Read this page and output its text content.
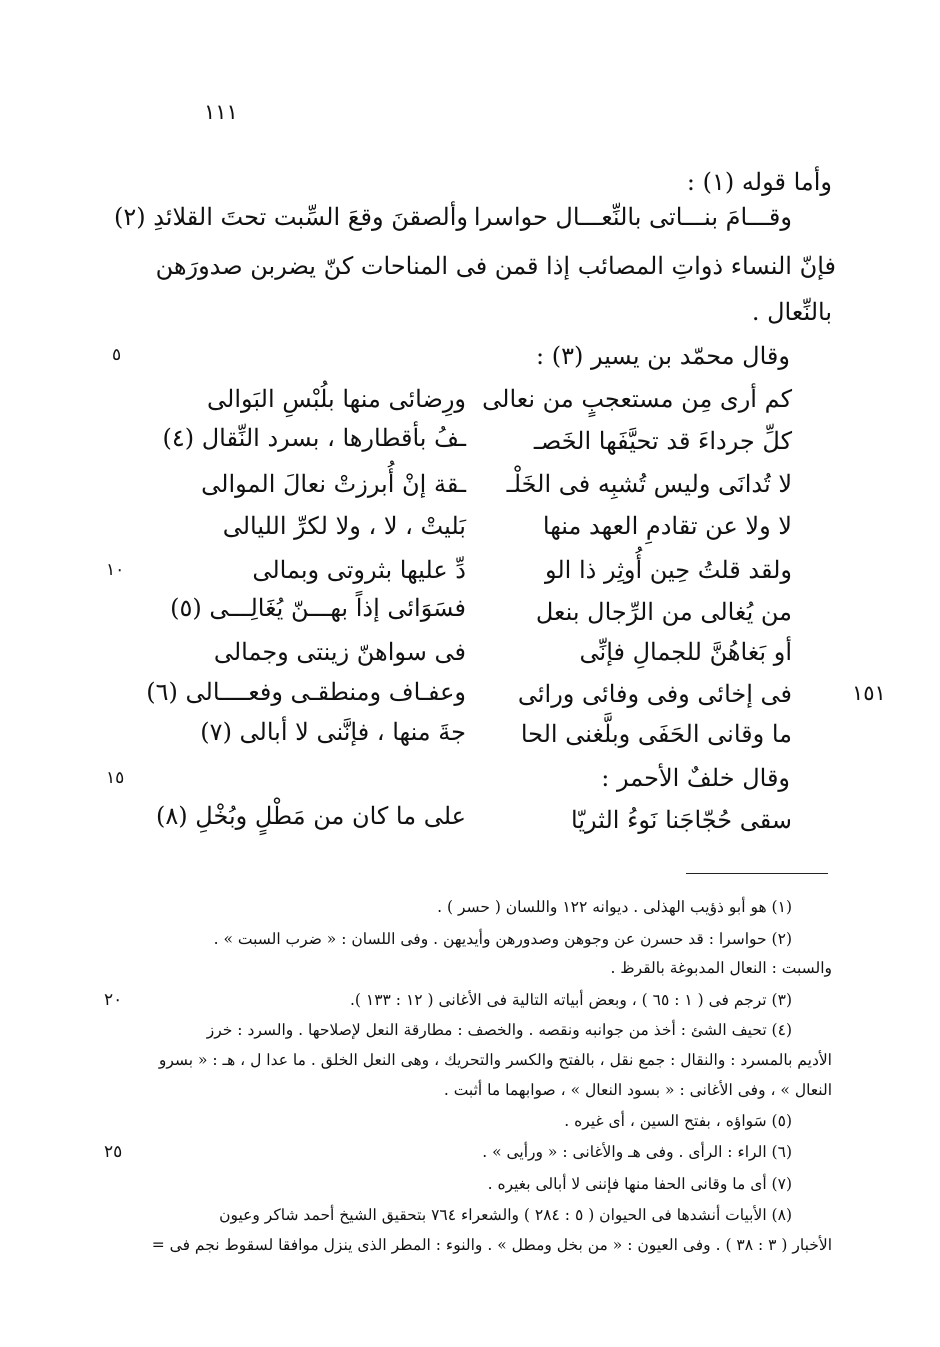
١١١
وأما قوله (١) :
وقـــامَ بنـــاتى بالنِّعـــال حواسرا
وألصقنَ وقعَ السِّبت تحتَ القلائدِ (٢)
فإنّ النساء ذواتِ المصائب إذا قمن فى المناحات كنّ يضربن صدورَهن
بالنِّعال .
وقال محمّد بن يسير (٣) :
٥
كم أرى مِن مستعجبٍ من نعالى
ورِضائى منها بلُبْسِ البَوالى
كلِّ جرداءَ قد تحيَّفَها الخَصـ
ـفُ بأقطارها ، بسرد النِّقال (٤)
لا تُدانَى وليس تُشبِه فى الخَلْـ
ـقة إنْ أُبرزتْ نعالَ الموالى
لا ولا عن تقادمِ العهد منها
بَليتْ ، لا ، ولا لكرِّ الليالى
ولقد قلتُ حِين أُوثِر ذا الو
دِّ عليها بثروتى وبمالى
١٠
من يُغالى من الرِّجال بنعل
فسَوَائى إذاً بهـــنّ يُغَالِـــى (٥)
أو بَغاهُنَّ للجمالِ فإنِّى
فى سواهنّ زينتى وجمالى
فى إخائى وفى وفائى ورائى
وعفـاف ومنطقـى وفعــــالى (٦)	١٥١
ما وقانى الحَفَى وبلَّغنى الحا
جةَ منها ، فإنَّنى لا أبالى (٧)
وقال خلفٌ الأحمر :
١٥
سقى حُجّاجَنا نَوءُ الثريّا
على ما كان من مَطْلٍ وبُخْلِ (٨)
(١) هو أبو ذؤيب الهذلى . ديوانه ١٢٢ واللسان ( حسر ) .
(٢) حواسرا : قد حسرن عن وجوهن وصدورهن وأيديهن . وفى اللسان : « ضرب السبت » .
والسبت : النعال المدبوغة بالقرظ .
(٣) ترجم فى ( ١ : ٦٥ ) ، وبعض أبياته التالية فى الأغانى ( ١٢ : ١٣٣ ).
٢٠
(٤) تحيف الشئ : أخذ من جوانبه ونقصه . والخصف : مطارقة النعل لإصلاحها . والسرد : خرز
الأديم بالمسرد : والنقال : جمع نقل ، بالفتح والكسر والتحريك ، وهى النعل الخلق . ما عدا ل ، هـ : « بسرو
النعال » ، وفى الأغانى : « بسود النعال » ، صوابهما ما أثبت .
(٥) سَواؤه ، بفتح السين ، أى غيره .
(٦) الراء : الرأى . وفى هـ والأغانى : « ورأيى » .
٢٥
(٧) أى ما وقانى الحفا منها فإننى لا أبالى بغيره .
(٨) الأبيات أنشدها فى الحيوان ( ٥ : ٢٨٤ ) والشعراء ٧٦٤ بتحقيق الشيخ أحمد شاكر وعيون
الأخبار ( ٣ : ٣٨ ) . وفى العيون : « من بخل ومطل » . والنوء : المطر الذى ينزل موافقا لسقوط نجم فى =
